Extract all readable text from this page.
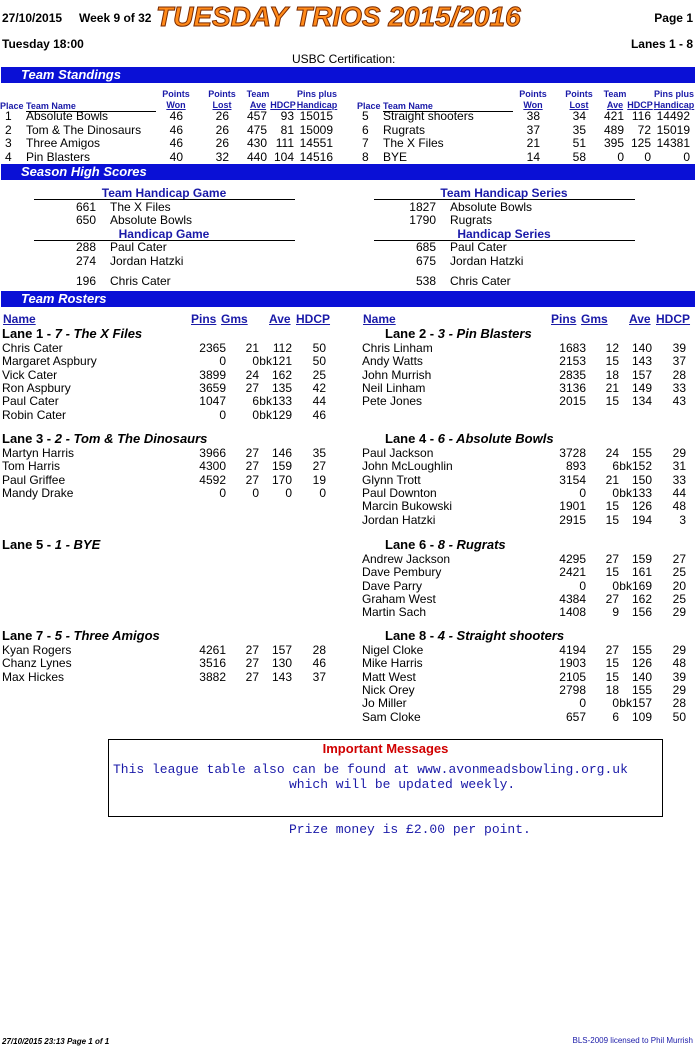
27/10/2015 Week 9 of 32 TUESDAY TRIOS 2015/2016	Page 1
Tuesday 18:00	Lanes 1 - 8
USBC Certification:
Team Standings
Place Team Name
Points
Won
Points
Lost
Team
Ave HDCP
Pins plus
Handicap
1 Absolute Bowls	46	26 457 93 15015
2 Tom & The Dinosaurs 46	26 475 81 15009
3 Three Amigos	46	26 430 111 14551
4 Pin Blasters	40	32 440 104 14516
Place Team Name
Points
Won
Points
Lost
Team
Ave HDCP
Pins plus
Handicap
5 Straight shooters	38	34 421 116 14492
6 Rugrats	37	35 489 72 15019
7 The X Files	21	51 395 125 14381
8 BYE	14	58	0 0	0
Season High Scores
Team Handicap Game
661 The X Files
650 Absolute Bowls
Team Handicap Series
1827 Absolute Bowls
1790 Rugrats
Handicap Game
288 Paul Cater
274 Jordan Hatzki
196 Chris Cater
Handicap Series
685 Paul Cater
675 Jordan Hatzki
538 Chris Cater
Team Rosters
Name	Pins Gms Ave HDCP	Name	Pins Gms Ave HDCP
Lane 1 - 7 - The X Files
Chris Cater	2365 21 112 50
Margaret Aspbury	0 0 bk121 50
Vick Cater	3899 24 162 25
Ron Aspbury	3659 27 135 42
Paul Cater	1047 6 bk133 44
Robin Cater	0 0 bk129 46
Lane 2 - 3 - Pin Blasters
Chris Linham	1683 12 140 39
Andy Watts	2153 15 143 37
John Murrish	2835 18 157 28
Neil Linham	3136 21 149 33
Pete Jones	2015 15 134 43
Lane 3 - 2 - Tom & The Dinosaurs
Martyn Harris	3966 27 146 35
Tom Harris	4300 27 159 27
Paul Griffee	4592 27 170 19
Mandy Drake	0 0 0 0
Lane 4 - 6 - Absolute Bowls
Paul Jackson	3728 24 155 29
John McLoughlin	893 6 bk152 31
Glynn Trott	3154 21 150 33
Paul Downton	0 0 bk133 44
Marcin Bukowski	1901 15 126 48
Jordan Hatzki	2915 15 194 3
Lane 5 - 1 - BYE	Lane 6 - 8 - Rugrats
Andrew Jackson	4295 27 159 27
Dave Pembury	2421 15 161 25
Dave Parry	0 0 bk169 20
Graham West	4384 27 162 25
Martin Sach	1408 9 156 29
Lane 7 - 5 - Three Amigos
Kyan Rogers	4261 27 157 28
Chanz Lynes	3516 27 130 46
Max Hickes	3882 27 143 37
Lane 8 - 4 - Straight shooters
Nigel Cloke	4194 27 155 29
Mike Harris	1903 15 126 48
Matt West	2105 15 140 39
Nick Orey	2798 18 155 29
Jo Miller	0 0 bk157 28
Sam Cloke	657 6 109 50
Important Messages
This league table also can be found at www.avonmeadsbowling.org.uk
which will be updated weekly.
Prize money is £2.00 per point.
27/10/2015 23:13 Page 1 of 1	BLS-2009 licensed to Phil Murrish
